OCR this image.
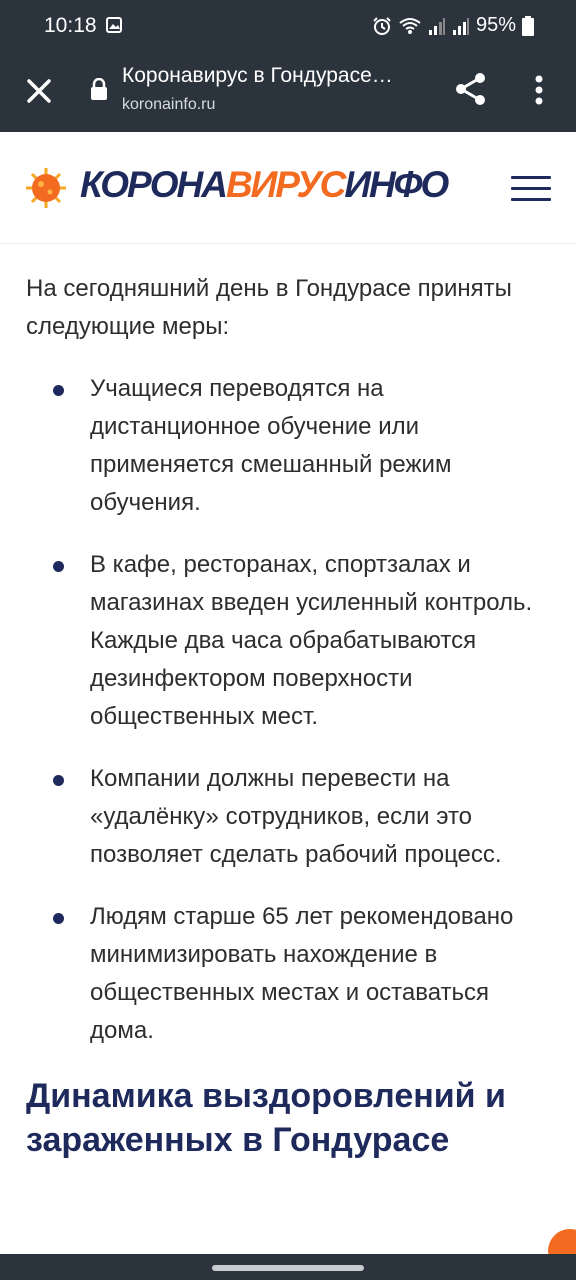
10:18	95%
Коронавирус в Гондурасе…
koronainfo.ru
КОРОНАВИРУСИНФО

На сегодняшний день в Гондурасе приняты следующие меры:

Учащиеся переводятся на дистанционное обучение или применяется смешанный режим обучения.
В кафе, ресторанах, спортзалах и магазинах введен усиленный контроль. Каждые два часа обрабатываются дезинфектором поверхности общественных мест.
Компании должны перевести на «удалёнку» сотрудников, если это позволяет сделать рабочий процесс.
Людям старше 65 лет рекомендовано минимизировать нахождение в общественных местах и оставаться дома.
Динамика выздоровлений и зараженных в Гондурасе
